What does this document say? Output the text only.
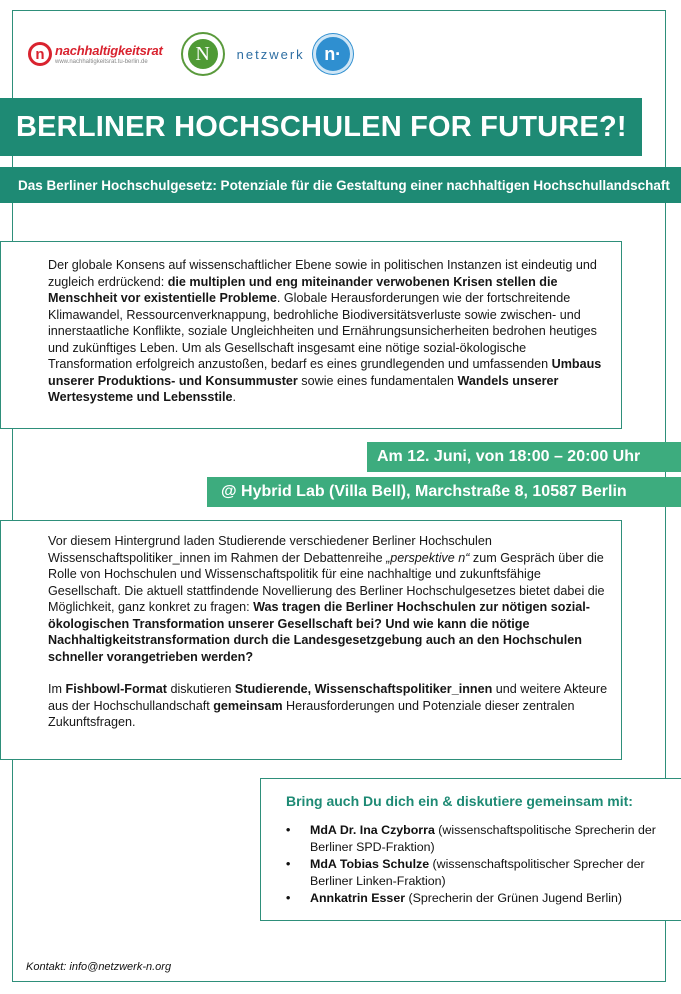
n nachhaltigkeitsrat
www.nachhaltigkeitsrat.tu-berlin.de	N	netzwerk	n·
BERLINER HOCHSCHULEN FOR FUTURE?!
Das Berliner Hochschulgesetz: Potenziale für die Gestaltung einer nachhaltigen Hochschullandschaft

Der globale Konsens auf wissenschaftlicher Ebene sowie in politischen Instanzen ist eindeutig und zugleich erdrückend: die multiplen und eng miteinander verwobenen Krisen stellen die Menschheit vor existentielle Probleme. Globale Herausforderungen wie der fortschreitende Klimawandel, Ressourcenverknappung, bedrohliche Biodiversitätsverluste sowie zwischen- und innerstaatliche Konflikte, soziale Ungleichheiten und Ernährungsunsicherheiten bedrohen heutiges und zukünftiges Leben. Um als Gesellschaft insgesamt eine nötige sozial-ökologische Transformation erfolgreich anzustoßen, bedarf es eines grundlegenden und umfassenden Umbaus unserer Produktions- und Konsummuster sowie eines fundamentalen Wandels unserer Wertesysteme und Lebensstile.

Am 12. Juni, von 18:00 – 20:00 Uhr
@ Hybrid Lab (Villa Bell), Marchstraße 8, 10587 Berlin

Vor diesem Hintergrund laden Studierende verschiedener Berliner Hochschulen Wissenschaftspolitiker_innen im Rahmen der Debattenreihe „perspektive n“ zum Gespräch über die Rolle von Hochschulen und Wissenschaftspolitik für eine nachhaltige und zukunftsfähige Gesellschaft. Die aktuell stattfindende Novellierung des Berliner Hochschulgesetzes bietet dabei die Möglichkeit, ganz konkret zu fragen: Was tragen die Berliner Hochschulen zur nötigen sozial-ökologischen Transformation unserer Gesellschaft bei? Und wie kann die nötige Nachhaltigkeitstransformation durch die Landesgesetzgebung auch an den Hochschulen schneller vorangetrieben werden?

Im Fishbowl-Format diskutieren Studierende, Wissenschaftspolitiker_innen und weitere Akteure aus der Hochschullandschaft gemeinsam Herausforderungen und Potenziale dieser zentralen Zukunftsfragen.

Bring auch Du dich ein & diskutiere gemeinsam mit:
• MdA Dr. Ina Czyborra (wissenschaftspolitische Sprecherin der Berliner SPD-Fraktion)
• MdA Tobias Schulze (wissenschaftspolitischer Sprecher der Berliner Linken-Fraktion)
• Annkatrin Esser (Sprecherin der Grünen Jugend Berlin)
Kontakt: info@netzwerk-n.org
